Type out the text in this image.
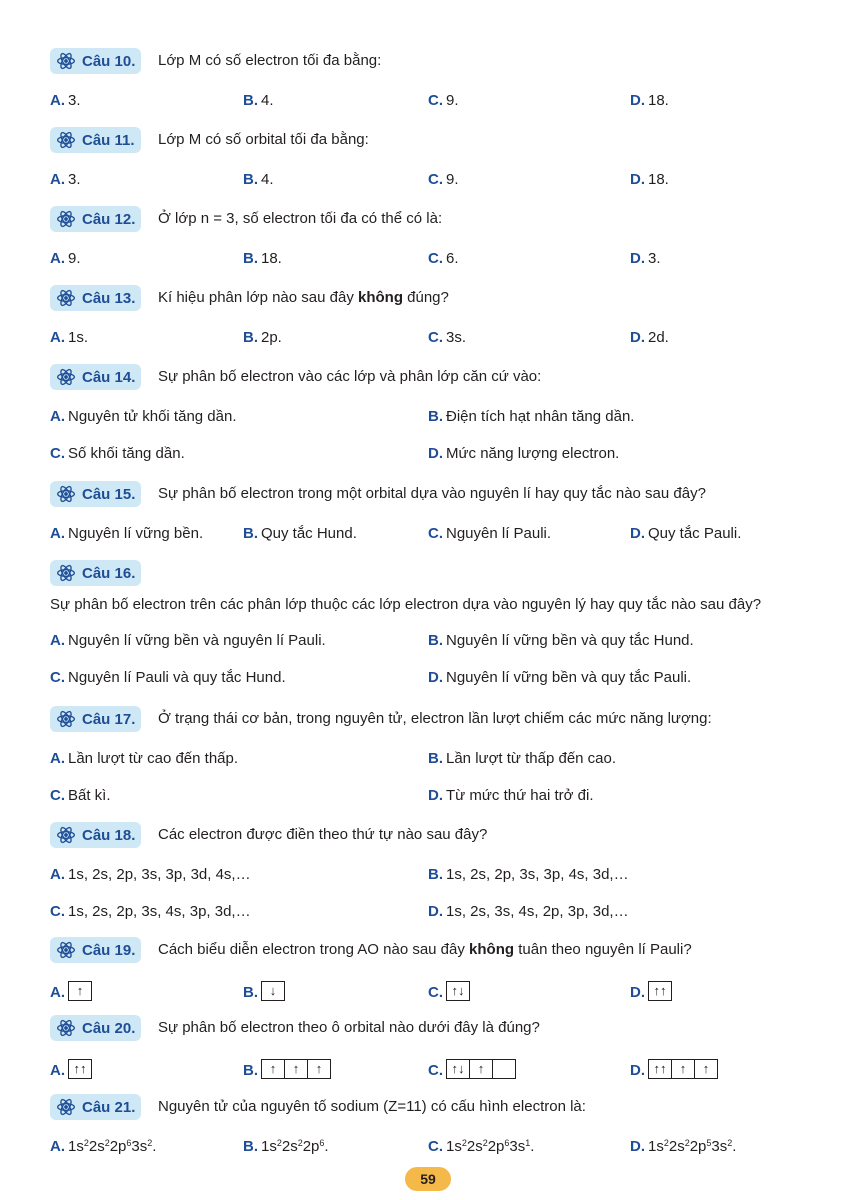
Câu 10. Lớp M có số electron tối đa bằng:
A. 3.	B. 4.	C. 9.	D. 18.
Câu 11. Lớp M có số orbital tối đa bằng:
A. 3.	B. 4.	C. 9.	D. 18.
Câu 12. Ở lớp n = 3, số electron tối đa có thể có là:
A. 9.	B. 18.	C. 6.	D. 3.
Câu 13. Kí hiệu phân lớp nào sau đây không đúng?
A. 1s.	B. 2p.	C. 3s.	D. 2d.
Câu 14. Sự phân bố electron vào các lớp và phân lớp căn cứ vào:
A. Nguyên tử khối tăng dần.	B. Điện tích hạt nhân tăng dần.
C. Số khối tăng dần.	D. Mức năng lượng electron.
Câu 15. Sự phân bố electron trong một orbital dựa vào nguyên lí hay quy tắc nào sau đây?
A. Nguyên lí vững bền.	B. Quy tắc Hund.	C. Nguyên lí Pauli.	D. Quy tắc Pauli.
Sự phân bố electron trên các phân lớp thuộc các lớp electron dựa vào nguyên lý hay quy tắc nào sau đây?
Câu 16.
A. Nguyên lí vững bền và nguyên lí Pauli.	B. Nguyên lí vững bền và quy tắc Hund.
C. Nguyên lí Pauli và quy tắc Hund.	D. Nguyên lí vững bền và quy tắc Pauli.
Câu 17. Ở trạng thái cơ bản, trong nguyên tử, electron lần lượt chiếm các mức năng lượng:
A. Lần lượt từ cao đến thấp.	B. Lần lượt từ thấp đến cao.
C. Bất kì.	D. Từ mức thứ hai trở đi.
Câu 18. Các electron được điền theo thứ tự nào sau đây?
A. 1s, 2s, 2p, 3s, 3p, 3d, 4s,…	B. 1s, 2s, 2p, 3s, 3p, 4s, 3d,…
C. 1s, 2s, 2p, 3s, 4s, 3p, 3d,…	D. 1s, 2s, 3s, 4s, 2p, 3p, 3d,…
Câu 19. Cách biểu diễn electron trong AO nào sau đây không tuân theo nguyên lí Pauli?
A. ↑	B. ↓	C. ↑↓	D. ↑↑
Câu 20. Sự phân bố electron theo ô orbital nào dưới đây là đúng?
A. ↑↑	B. ↑	↑	↑	C. ↑↓	↑	D. ↑↑	↑	↑
Câu 21. Nguyên tử của nguyên tố sodium (Z=11) có cấu hình electron là:
A. $1s^22s^22p^63s^2$.	B. $1s^22s^22p^6$.	C. $1s^22s^22p^63s^1$.	D. $1s^22s^22p^53s^2$.
59
